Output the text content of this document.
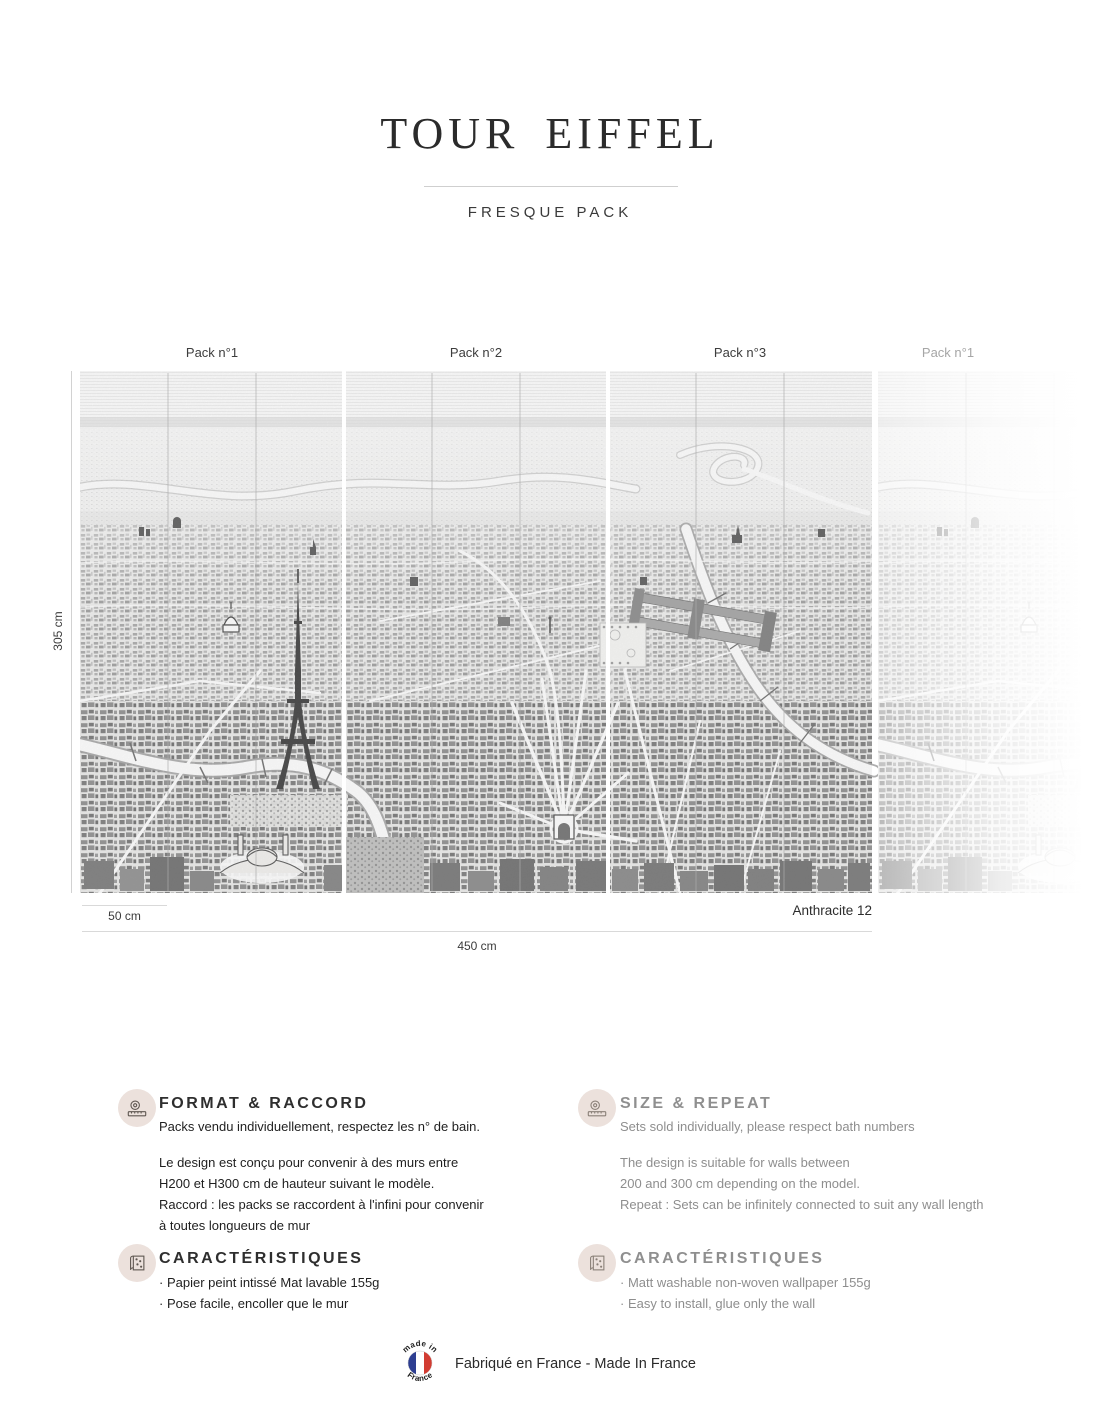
TOUR EIFFEL
FRESQUE PACK
Pack n°1	Pack n°2	Pack n°3	Pack n°1
305 cm
50 cm	Anthracite 12
450 cm
FORMAT & RACCORD
Packs vendu individuellement, respectez les n° de bain.
Le design est conçu pour convenir à des murs entre
H200 et H300 cm de hauteur suivant le modèle.
Raccord : les packs se raccordent à l'infini pour convenir
à toutes longueurs de mur
SIZE & REPEAT
Sets sold individually, please respect bath numbers
The design is suitable for walls between
200 and 300 cm depending on the model.
Repeat : Sets can be infinitely connected to suit any wall length
CARACTÉRISTIQUES
· Papier peint intissé Mat lavable 155g
· Pose facile, encoller que le mur
CARACTÉRISTIQUES
· Matt washable non-woven wallpaper 155g
· Easy to install, glue only the wall
made in
France
Fabriqué en France - Made In France
